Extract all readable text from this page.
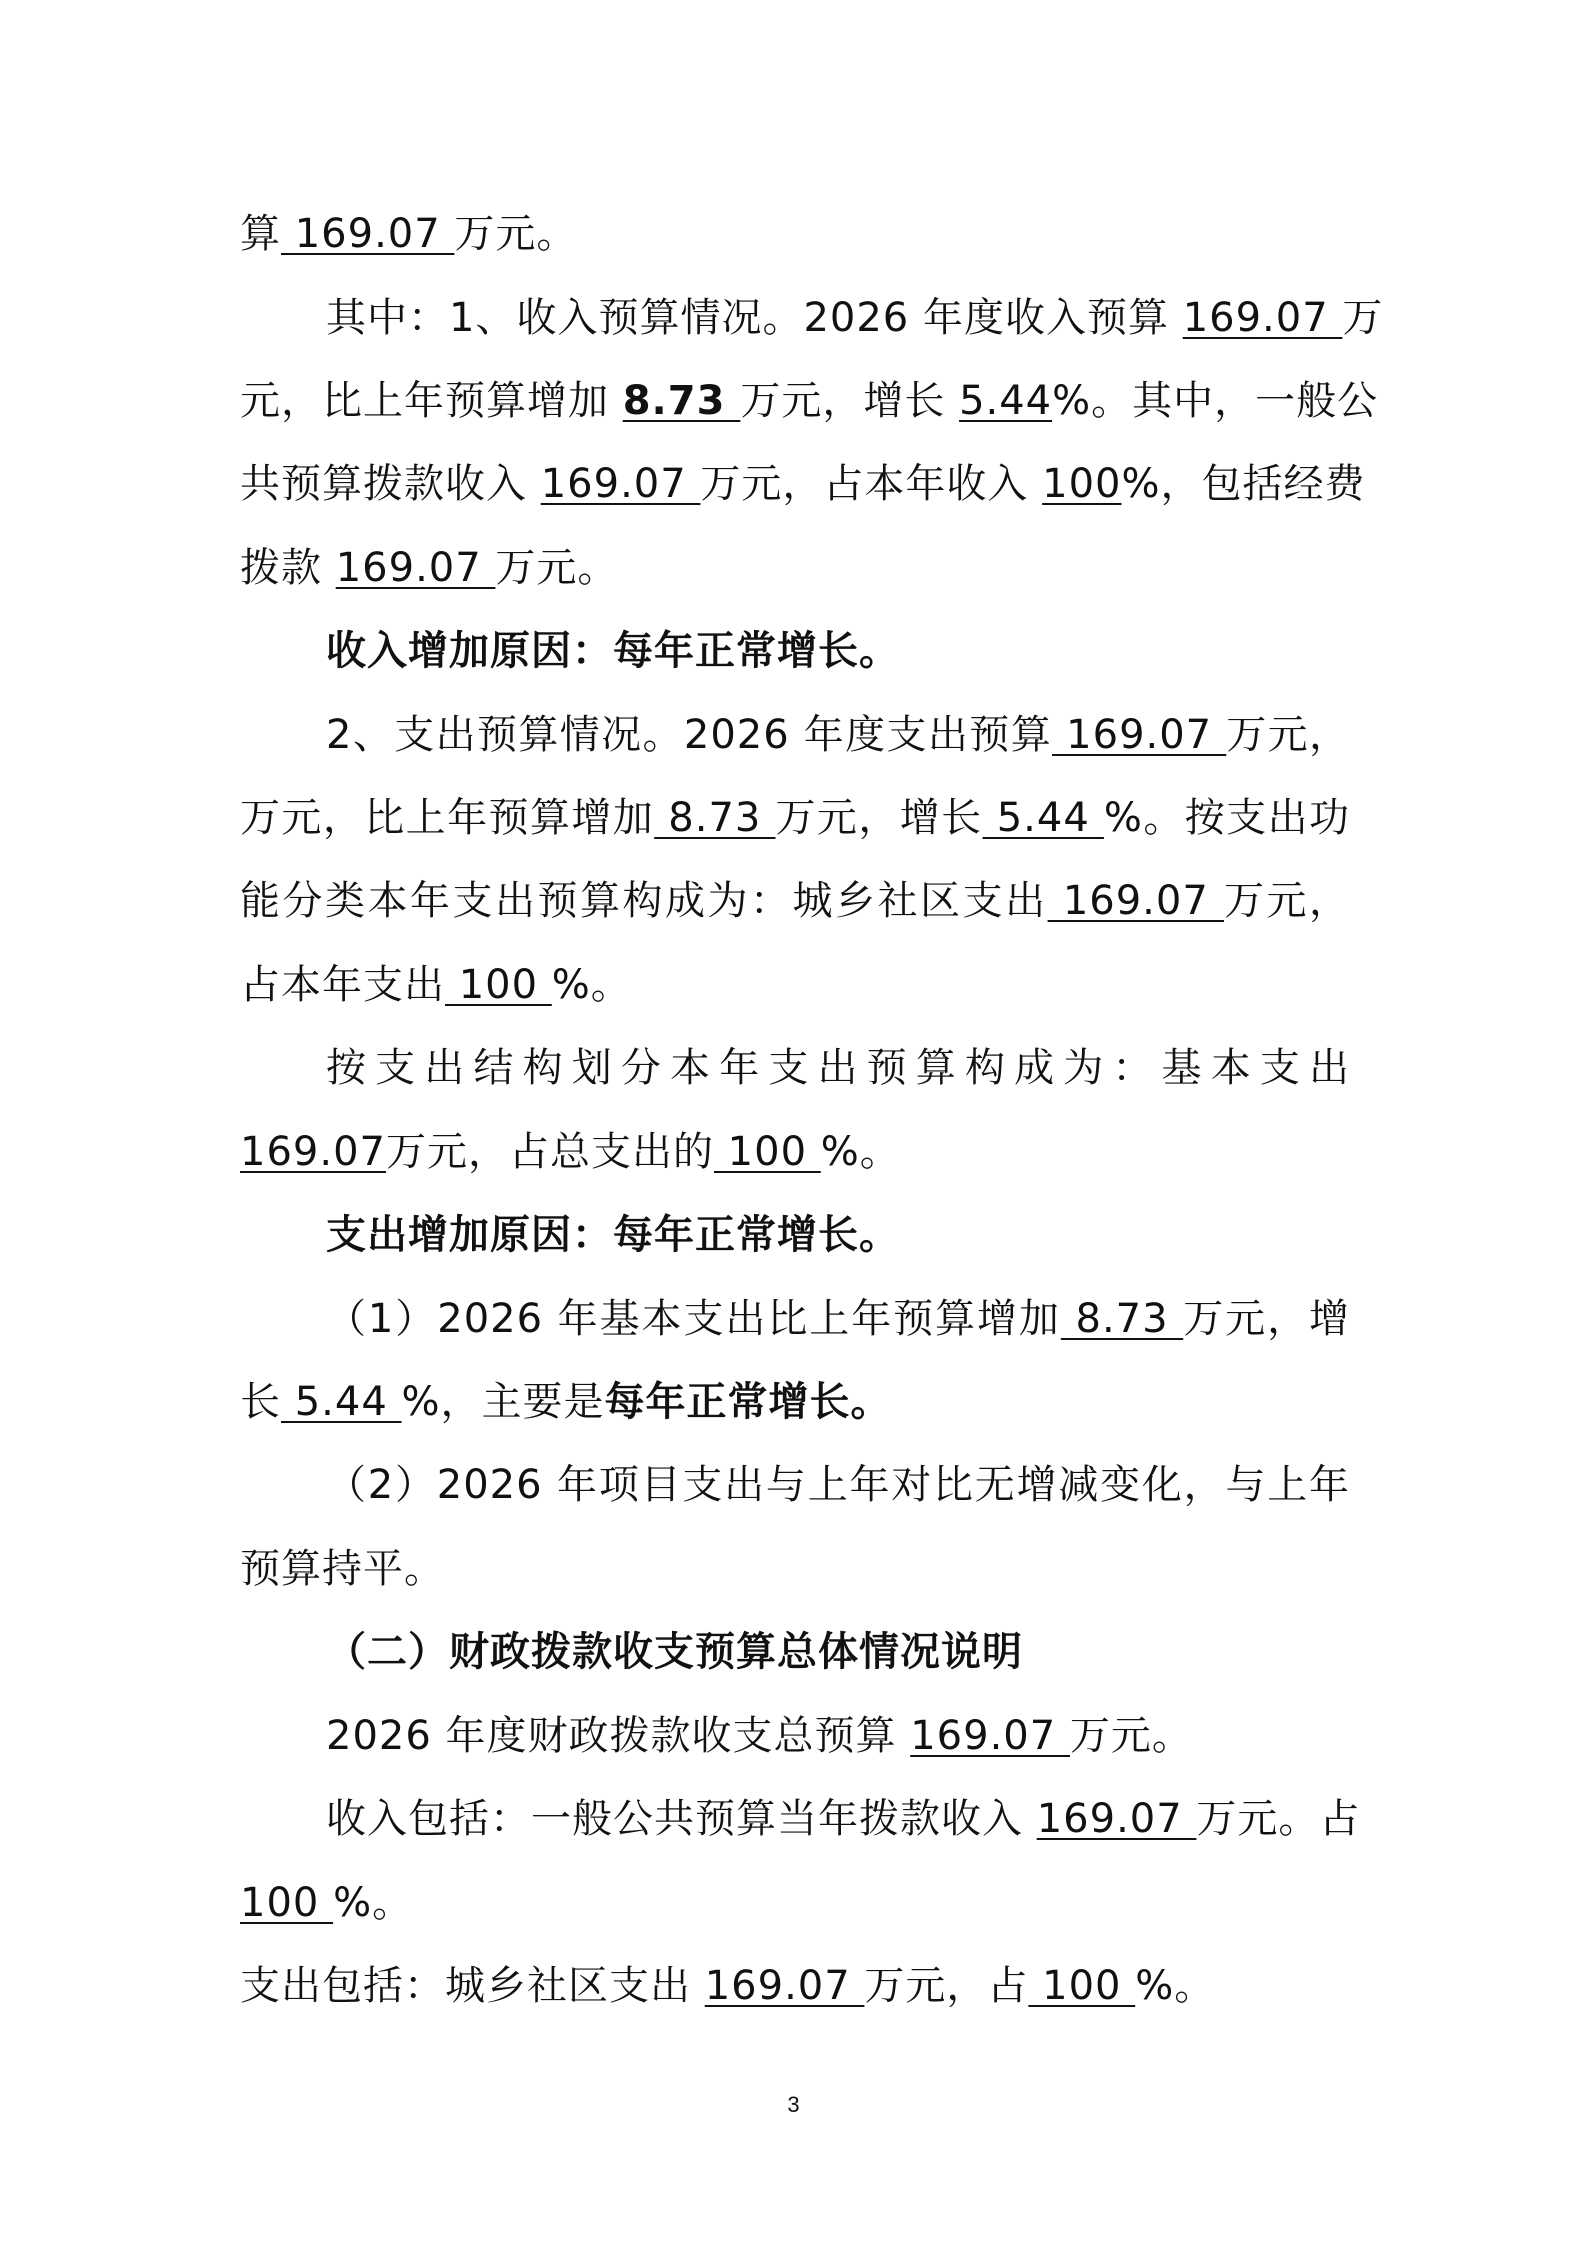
算 169.07 万元。
其中：1、收入预算情况。2026 年度收入预算 169.07 万
元，比上年预算增加 8.73 万元，增长 5.44%。其中，一般公
共预算拨款收入 169.07 万元，占本年收入 100%，包括经费
拨款 169.07 万元。
收入增加原因：每年正常增长。
2、支出预算情况。2026 年度支出预算 169.07 万元，
万元，比上年预算增加 8.73 万元，增长 5.44 %。按支出功
能分类本年支出预算构成为：城乡社区支出 169.07 万元，
占本年支出 100 %。
按支出结构划分本年支出预算构成为：基本支出
169.07万元，占总支出的 100 %。
支出增加原因：每年正常增长。
（1）2026 年基本支出比上年预算增加 8.73 万元，增
长 5.44 %，主要是每年正常增长。
（2）2026 年项目支出与上年对比无增减变化，与上年
预算持平。
（二）财政拨款收支预算总体情况说明
2026 年度财政拨款收支总预算 169.07 万元。
收入包括：一般公共预算当年拨款收入 169.07 万元。占
100 %。
支出包括：城乡社区支出 169.07 万元，占 100 %。
3
